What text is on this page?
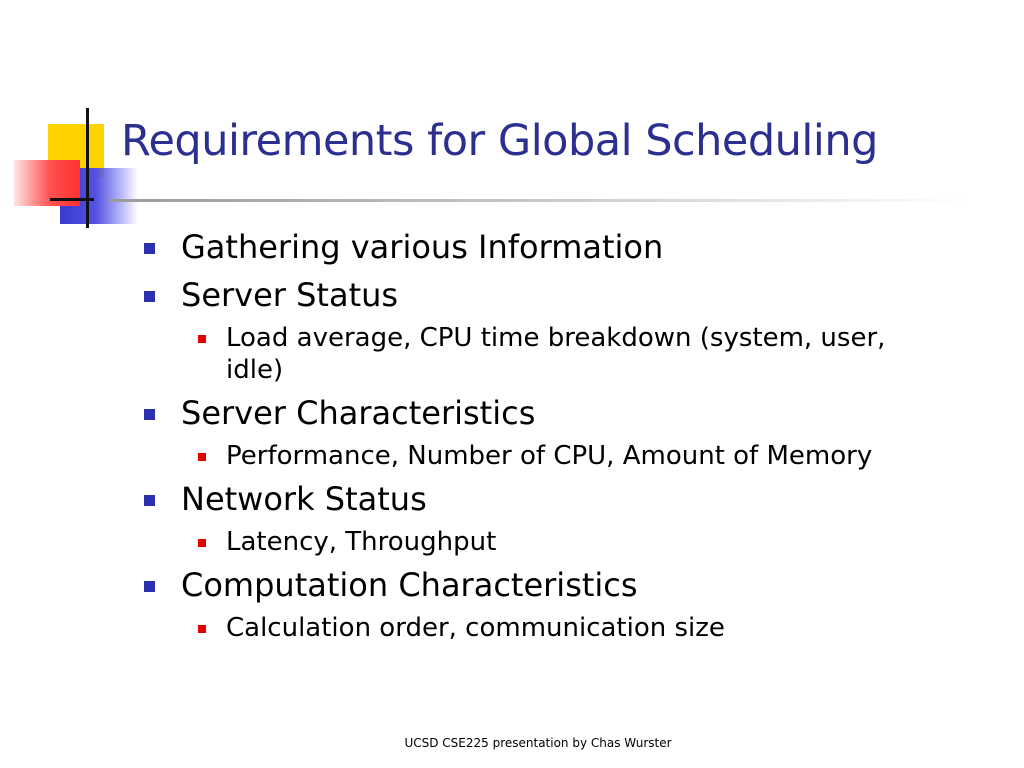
Requirements for Global Scheduling
Gathering various Information
Server Status
Load average, CPU time breakdown (system, user, idle)
Server Characteristics
Performance, Number of CPU, Amount of Memory
Network Status
Latency, Throughput
Computation Characteristics
Calculation order, communication size
UCSD CSE225 presentation by Chas Wurster
